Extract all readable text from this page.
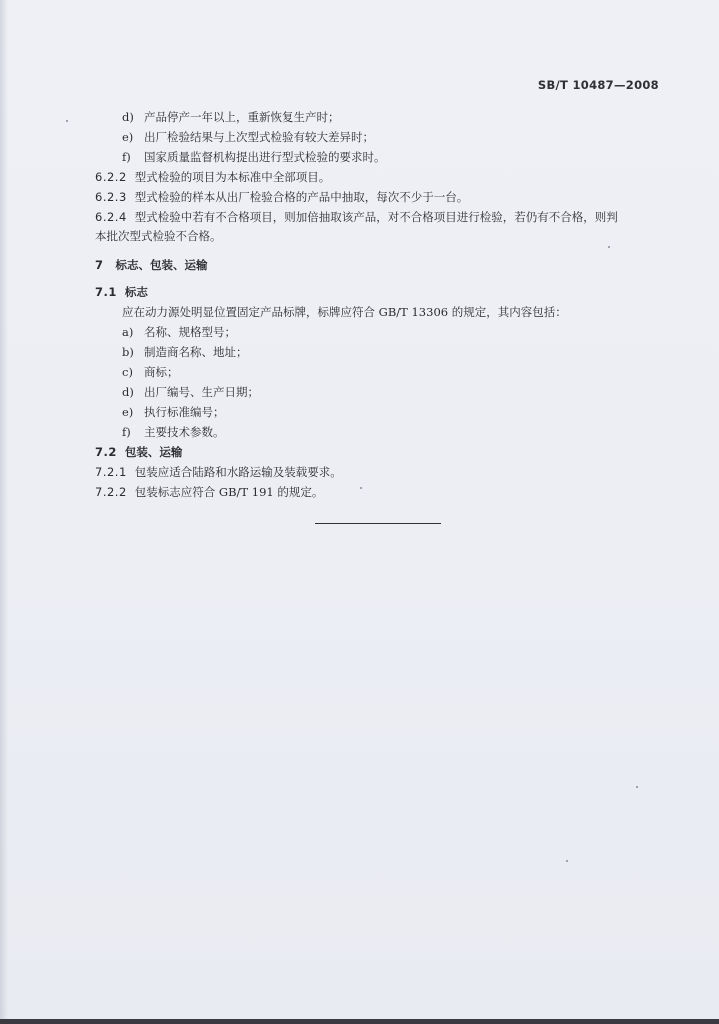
SB/T 10487—2008
d) 产品停产一年以上，重新恢复生产时；
e) 出厂检验结果与上次型式检验有较大差异时；
f) 国家质量监督机构提出进行型式检验的要求时。
6.2.2 型式检验的项目为本标准中全部项目。
6.2.3 型式检验的样本从出厂检验合格的产品中抽取，每次不少于一台。
6.2.4 型式检验中若有不合格项目，则加倍抽取该产品，对不合格项目进行检验，若仍有不合格，则判
本批次型式检验不合格。
7 标志、包装、运输
7.1 标志
应在动力源处明显位置固定产品标牌，标牌应符合 GB/T 13306 的规定，其内容包括：
a) 名称、规格型号；
b) 制造商名称、地址；
c) 商标；
d) 出厂编号、生产日期；
e) 执行标准编号；
f) 主要技术参数。
7.2 包装、运输
7.2.1 包装应适合陆路和水路运输及装载要求。
7.2.2 包装标志应符合 GB/T 191 的规定。
